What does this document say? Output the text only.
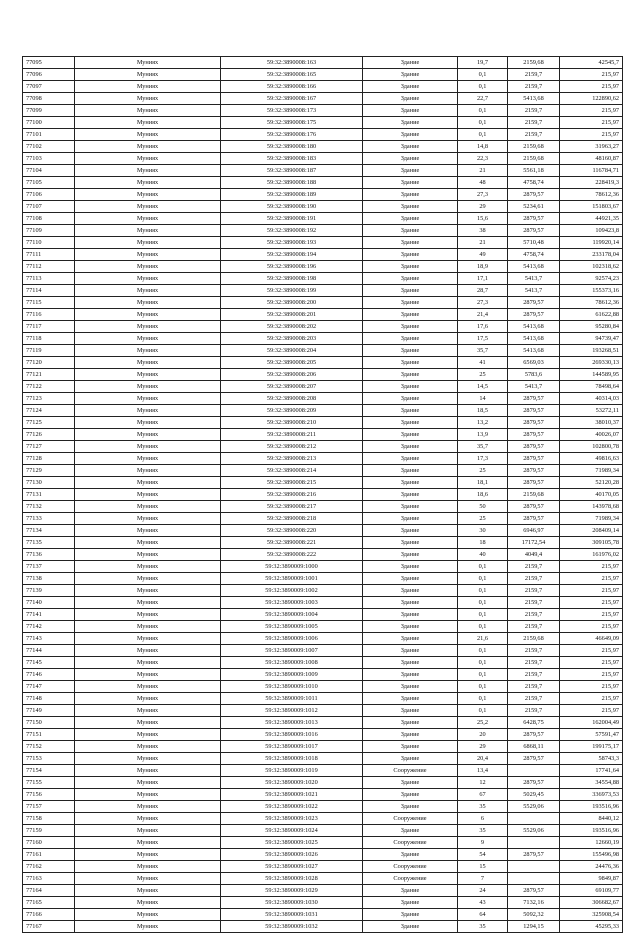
77095	Муниях	59:32:3890008:163	Здание	19,7	2159,68	42545,7
77096	Муниях	59:32:3890008:165	Здание	0,1	2159,7	215,97
77097	Муниях	59:32:3890008:166	Здание	0,1	2159,7	215,97
77098	Муниях	59:32:3890008:167	Здание	22,7	5413,68	122890,62
77099	Муниях	59:32:3890008:173	Здание	0,1	2159,7	215,97
77100	Муниях	59:32:3890008:175	Здание	0,1	2159,7	215,97
77101	Муниях	59:32:3890008:176	Здание	0,1	2159,7	215,97
77102	Муниях	59:32:3890008:180	Здание	14,8	2159,68	31963,27
77103	Муниях	59:32:3890008:183	Здание	22,3	2159,68	48160,87
77104	Муниях	59:32:3890008:187	Здание	21	5561,18	116784,71
77105	Муниях	59:32:3890008:188	Здание	48	4758,74	228419,3
77106	Муниях	59:32:3890008:189	Здание	27,3	2879,57	78612,36
77107	Муниях	59:32:3890008:190	Здание	29	5234,61	151803,67
77108	Муниях	59:32:3890008:191	Здание	15,6	2879,57	44921,35
77109	Муниях	59:32:3890008:192	Здание	38	2879,57	109423,8
77110	Муниях	59:32:3890008:193	Здание	21	5710,48	119920,14
77111	Муниях	59:32:3890008:194	Здание	49	4758,74	233178,04
77112	Муниях	59:32:3890008:196	Здание	18,9	5413,68	102318,62
77113	Муниях	59:32:3890008:198	Здание	17,1	5413,7	92574,23
77114	Муниях	59:32:3890008:199	Здание	28,7	5413,7	155373,16
77115	Муниях	59:32:3890008:200	Здание	27,3	2879,57	78612,36
77116	Муниях	59:32:3890008:201	Здание	21,4	2879,57	61622,88
77117	Муниях	59:32:3890008:202	Здание	17,6	5413,68	95280,84
77118	Муниях	59:32:3890008:203	Здание	17,5	5413,68	94739,47
77119	Муниях	59:32:3890008:204	Здание	35,7	5413,68	193268,51
77120	Муниях	59:32:3890008:205	Здание	41	6569,03	269330,13
77121	Муниях	59:32:3890008:206	Здание	25	5783,6	144589,95
77122	Муниях	59:32:3890008:207	Здание	14,5	5413,7	78498,64
77123	Муниях	59:32:3890008:208	Здание	14	2879,57	40314,03
77124	Муниях	59:32:3890008:209	Здание	18,5	2879,57	53272,11
77125	Муниях	59:32:3890008:210	Здание	13,2	2879,57	38010,37
77126	Муниях	59:32:3890008:211	Здание	13,9	2879,57	40026,07
77127	Муниях	59:32:3890008:212	Здание	35,7	2879,57	102800,78
77128	Муниях	59:32:3890008:213	Здание	17,3	2879,57	49816,63
77129	Муниях	59:32:3890008:214	Здание	25	2879,57	71989,34
77130	Муниях	59:32:3890008:215	Здание	18,1	2879,57	52120,28
77131	Муниях	59:32:3890008:216	Здание	18,6	2159,68	40170,05
77132	Муниях	59:32:3890008:217	Здание	50	2879,57	143978,68
77133	Муниях	59:32:3890008:218	Здание	25	2879,57	71989,34
77134	Муниях	59:32:3890008:220	Здание	30	6946,97	208409,14
77135	Муниях	59:32:3890008:221	Здание	18	17172,54	309105,78
77136	Муниях	59:32:3890008:222	Здание	40	4049,4	161976,02
77137	Муниях	59:32:3890009:1000	Здание	0,1	2159,7	215,97
77138	Муниях	59:32:3890009:1001	Здание	0,1	2159,7	215,97
77139	Муниях	59:32:3890009:1002	Здание	0,1	2159,7	215,97
77140	Муниях	59:32:3890009:1003	Здание	0,1	2159,7	215,97
77141	Муниях	59:32:3890009:1004	Здание	0,1	2159,7	215,97
77142	Муниях	59:32:3890009:1005	Здание	0,1	2159,7	215,97
77143	Муниях	59:32:3890009:1006	Здание	21,6	2159,68	46649,09
77144	Муниях	59:32:3890009:1007	Здание	0,1	2159,7	215,97
77145	Муниях	59:32:3890009:1008	Здание	0,1	2159,7	215,97
77146	Муниях	59:32:3890009:1009	Здание	0,1	2159,7	215,97
77147	Муниях	59:32:3890009:1010	Здание	0,1	2159,7	215,97
77148	Муниях	59:32:3890009:1011	Здание	0,1	2159,7	215,97
77149	Муниях	59:32:3890009:1012	Здание	0,1	2159,7	215,97
77150	Муниях	59:32:3890009:1013	Здание	25,2	6428,75	162004,49
77151	Муниях	59:32:3890009:1016	Здание	20	2879,57	57591,47
77152	Муниях	59:32:3890009:1017	Здание	29	6868,11	199175,17
77153	Муниях	59:32:3890009:1018	Здание	20,4	2879,57	58743,3
77154	Муниях	59:32:3890009:1019	Сооружение	13,4		17741,64
77155	Муниях	59:32:3890009:1020	Здание	12	2879,57	34554,88
77156	Муниях	59:32:3890009:1021	Здание	67	5029,45	336973,53
77157	Муниях	59:32:3890009:1022	Здание	35	5529,06	193516,96
77158	Муниях	59:32:3890009:1023	Сооружение	6		8440,12
77159	Муниях	59:32:3890009:1024	Здание	35	5529,06	193516,96
77160	Муниях	59:32:3890009:1025	Сооружение	9		12660,19
77161	Муниях	59:32:3890009:1026	Здание	54	2879,57	155496,98
77162	Муниях	59:32:3890009:1027	Сооружение	15		24476,36
77163	Муниях	59:32:3890009:1028	Сооружение	7		9849,87
77164	Муниях	59:32:3890009:1029	Здание	24	2879,57	69109,77
77165	Муниях	59:32:3890009:1030	Здание	43	7132,16	306682,67
77166	Муниях	59:32:3890009:1031	Здание	64	5092,32	325908,54
77167	Муниях	59:32:3890009:1032	Здание	35	1294,15	45295,33
